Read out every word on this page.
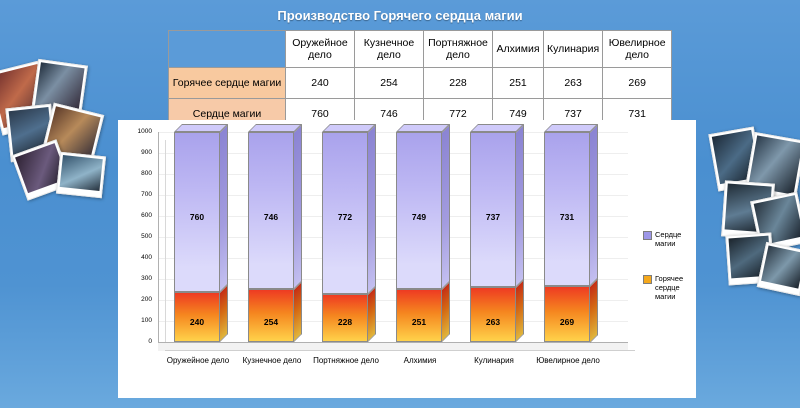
Производство Горячего сердца магии
	Оружейное дело	Кузнечное дело	Портняжное дело	Алхимия	Кулинария	Ювелирное дело
Горячее сердце магии	240	254	228	251	263	269
Сердце магии	760	746	772	749	737	731
1000
900
800
700
600
500
400
300
200
100
0
760
240
746
254
772
228
749
251
737
263
731
269
Оружейное дело	Кузнечное дело	Портняжное дело	Алхимия	Кулинария	Ювелирное дело
Сердце магии
Горячее сердце магии
